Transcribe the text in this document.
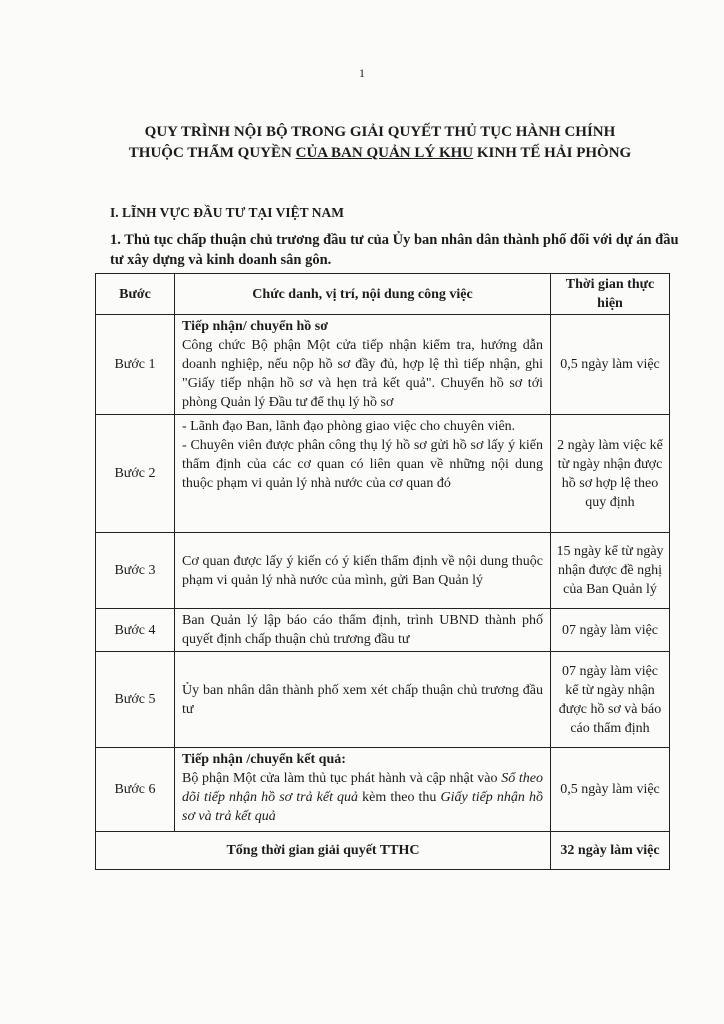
1
QUY TRÌNH NỘI BỘ TRONG GIẢI QUYẾT THỦ TỤC HÀNH CHÍNH
THUỘC THẨM QUYỀN CỦA BAN QUẢN LÝ KHU KINH TẾ HẢI PHÒNG
I. LĨNH VỰC ĐẦU TƯ TẠI VIỆT NAM
1. Thủ tục chấp thuận chủ trương đầu tư của Ủy ban nhân dân thành phố đối với dự án đầu tư xây dựng và kinh doanh sân gôn.
Bước	Chức danh, vị trí, nội dung công việc	Thời gian thực hiện
Bước 1	Tiếp nhận/ chuyển hồ sơ
Công chức Bộ phận Một cửa tiếp nhận kiểm tra, hướng dẫn doanh nghiệp, nếu nộp hồ sơ đầy đủ, hợp lệ thì tiếp nhận, ghi "Giấy tiếp nhận hồ sơ và hẹn trả kết quả". Chuyển hồ sơ tới phòng Quản lý Đầu tư để thụ lý hồ sơ	0,5 ngày làm việc
Bước 2	- Lãnh đạo Ban, lãnh đạo phòng giao việc cho chuyên viên.
- Chuyên viên được phân công thụ lý hồ sơ gửi hồ sơ lấy ý kiến thẩm định của các cơ quan có liên quan về những nội dung thuộc phạm vi quản lý nhà nước của cơ quan đó	2 ngày làm việc kể từ ngày nhận được hồ sơ hợp lệ theo quy định
Bước 3	Cơ quan được lấy ý kiến có ý kiến thẩm định về nội dung thuộc phạm vi quản lý nhà nước của mình, gửi Ban Quản lý	15 ngày kể từ ngày nhận được đề nghị của Ban Quản lý
Bước 4	Ban Quản lý lập báo cáo thẩm định, trình UBND thành phố quyết định chấp thuận chủ trương đầu tư	07 ngày làm việc
Bước 5	Ủy ban nhân dân thành phố xem xét chấp thuận chủ trương đầu tư	07 ngày làm việc kể từ ngày nhận được hồ sơ và báo cáo thẩm định
Bước 6	Tiếp nhận /chuyển kết quả:
Bộ phận Một cửa làm thủ tục phát hành và cập nhật vào Sổ theo dõi tiếp nhận hồ sơ trả kết quả kèm theo thu Giấy tiếp nhận hồ sơ và trả kết quả	0,5 ngày làm việc
Tổng thời gian giải quyết TTHC		32 ngày làm việc
